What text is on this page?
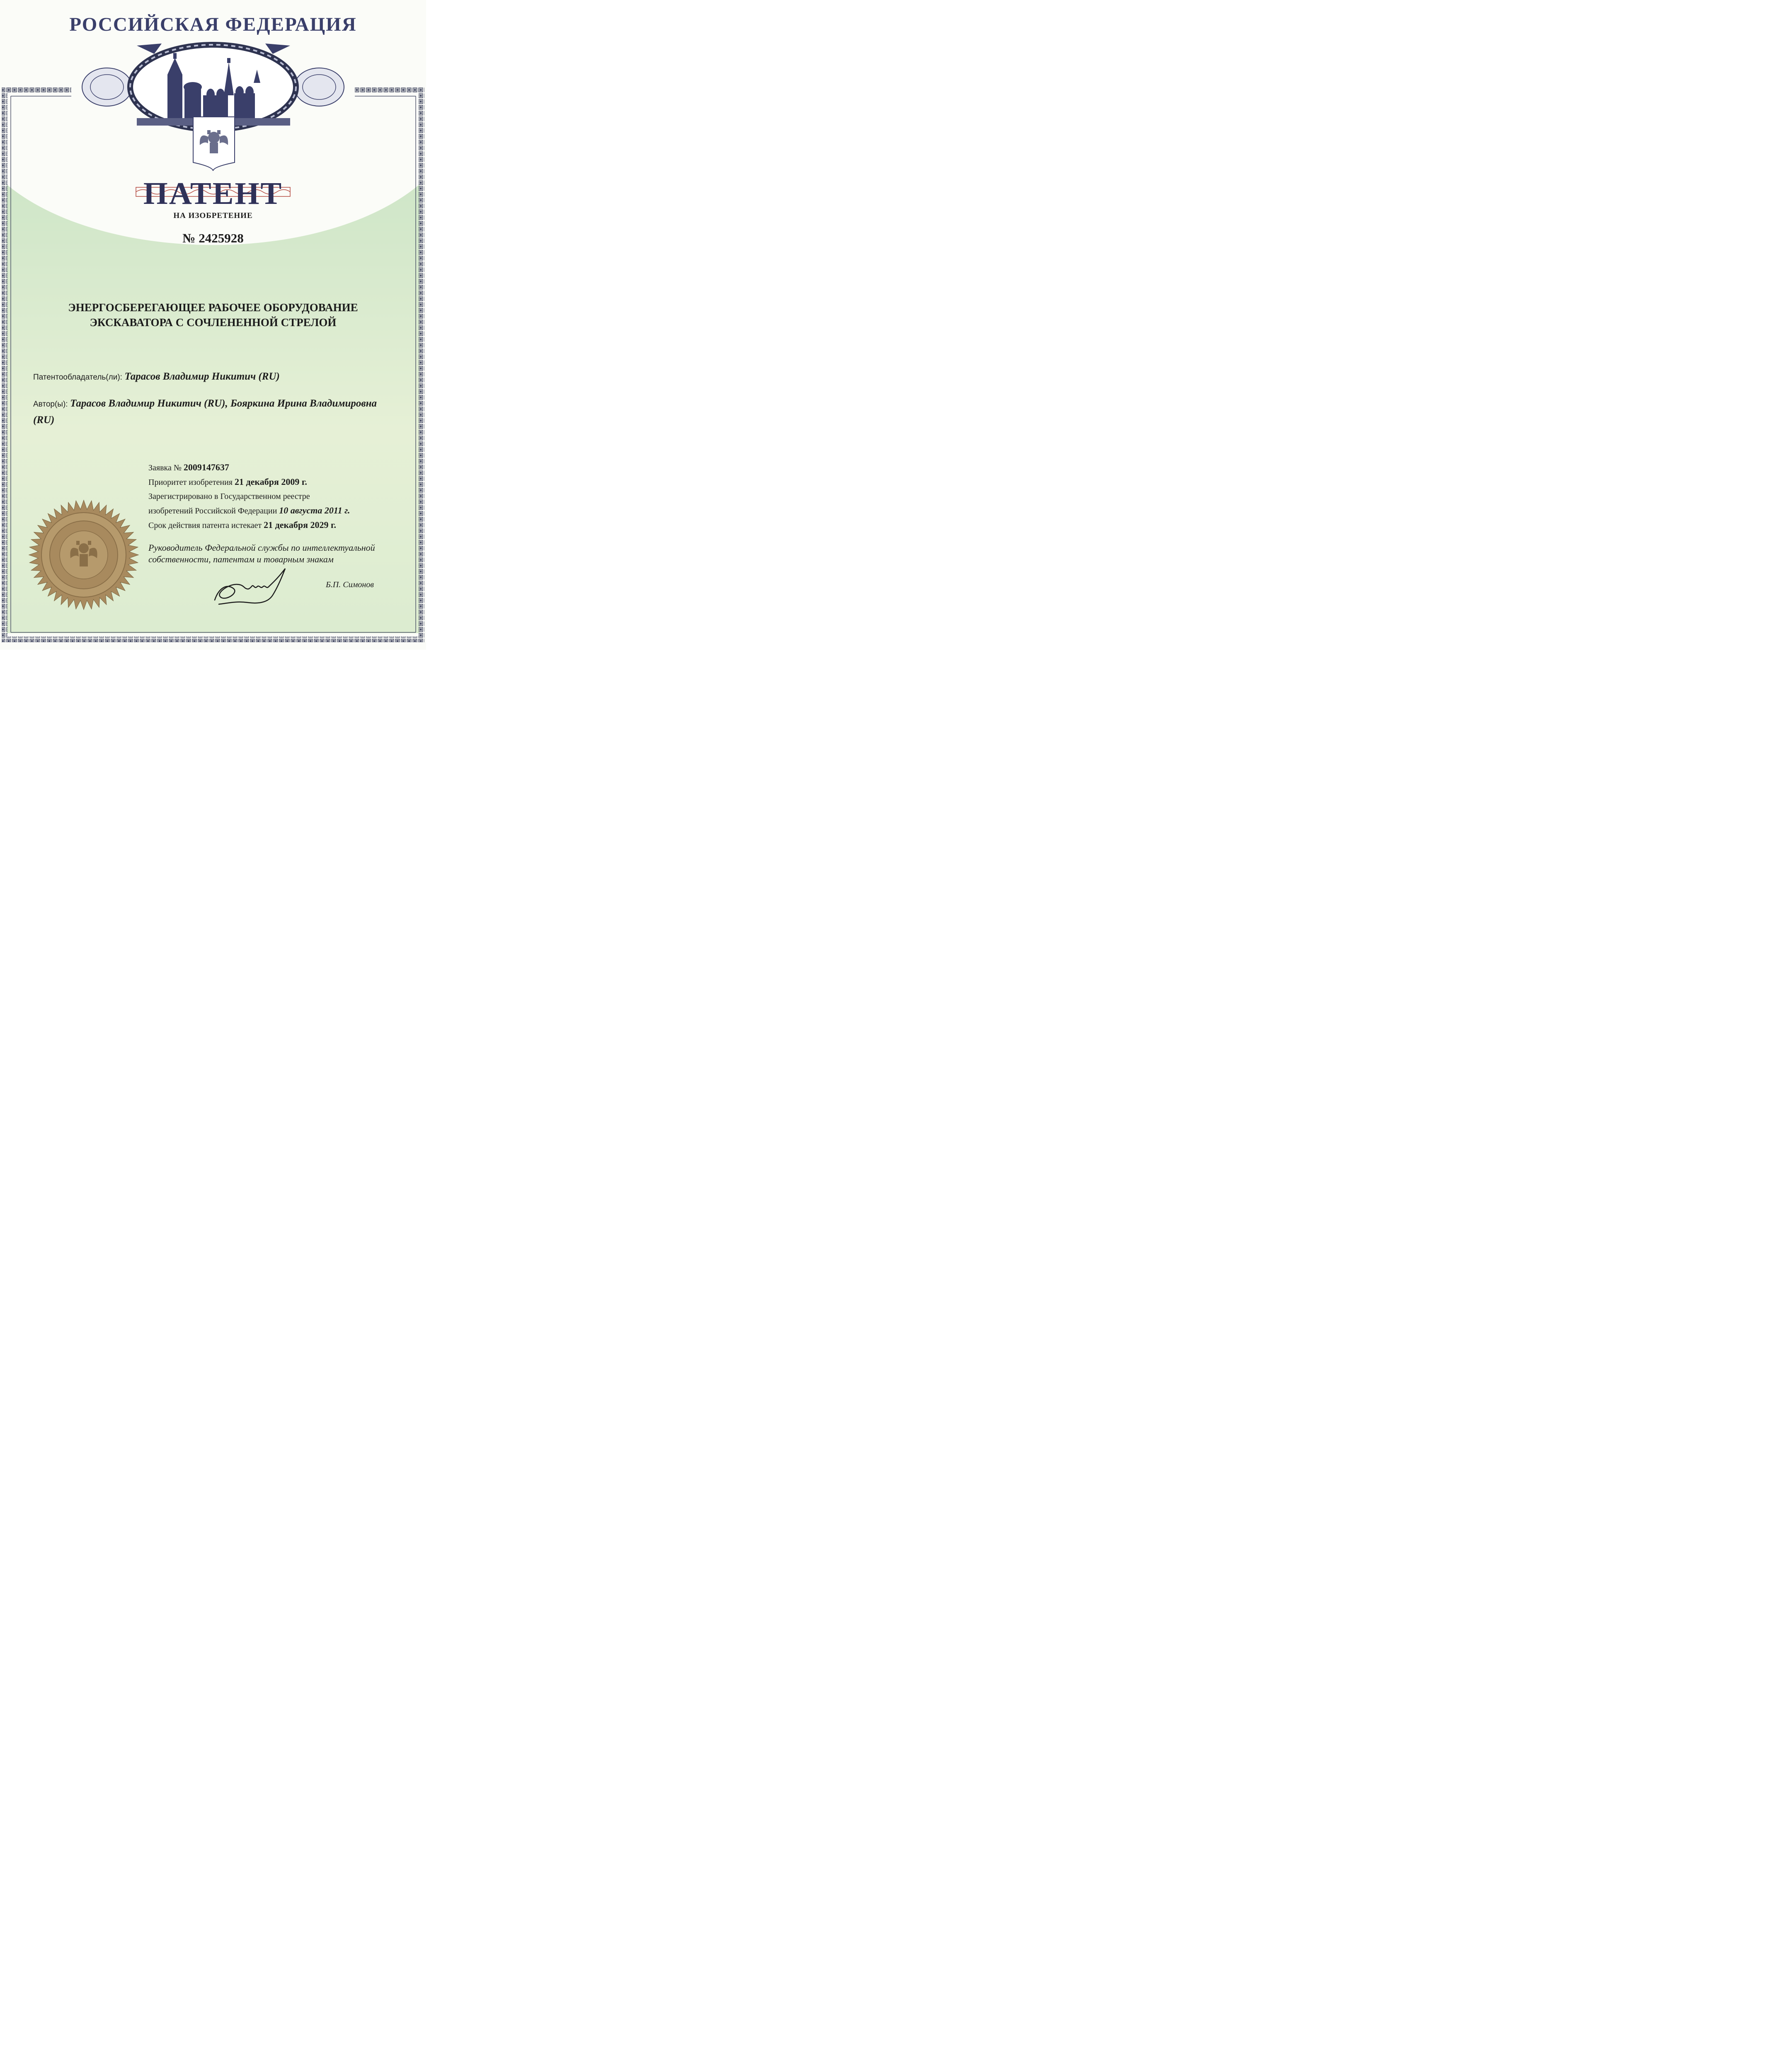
РОССИЙСКАЯ ФЕДЕРАЦИЯ
ПАТЕНТ
НА ИЗОБРЕТЕНИЕ
№ 2425928
ЭНЕРГОСБЕРЕГАЮЩЕЕ РАБОЧЕЕ ОБОРУДОВАНИЕ
ЭКСКАВАТОРА С СОЧЛЕНЕННОЙ СТРЕЛОЙ
Патентообладатель(ли): Тарасов Владимир Никитич (RU)
Автор(ы): Тарасов Владимир Никитич (RU), Бояркина Ирина Владимировна (RU)
Заявка № 2009147637
Приоритет изобретения 21 декабря 2009 г.
Зарегистрировано в Государственном реестре
изобретений Российской Федерации 10 августа 2011 г.
Срок действия патента истекает 21 декабря 2029 г.
Руководитель Федеральной службы по интеллектуальной
собственности, патентам и товарным знакам
Б.П. Симонов
